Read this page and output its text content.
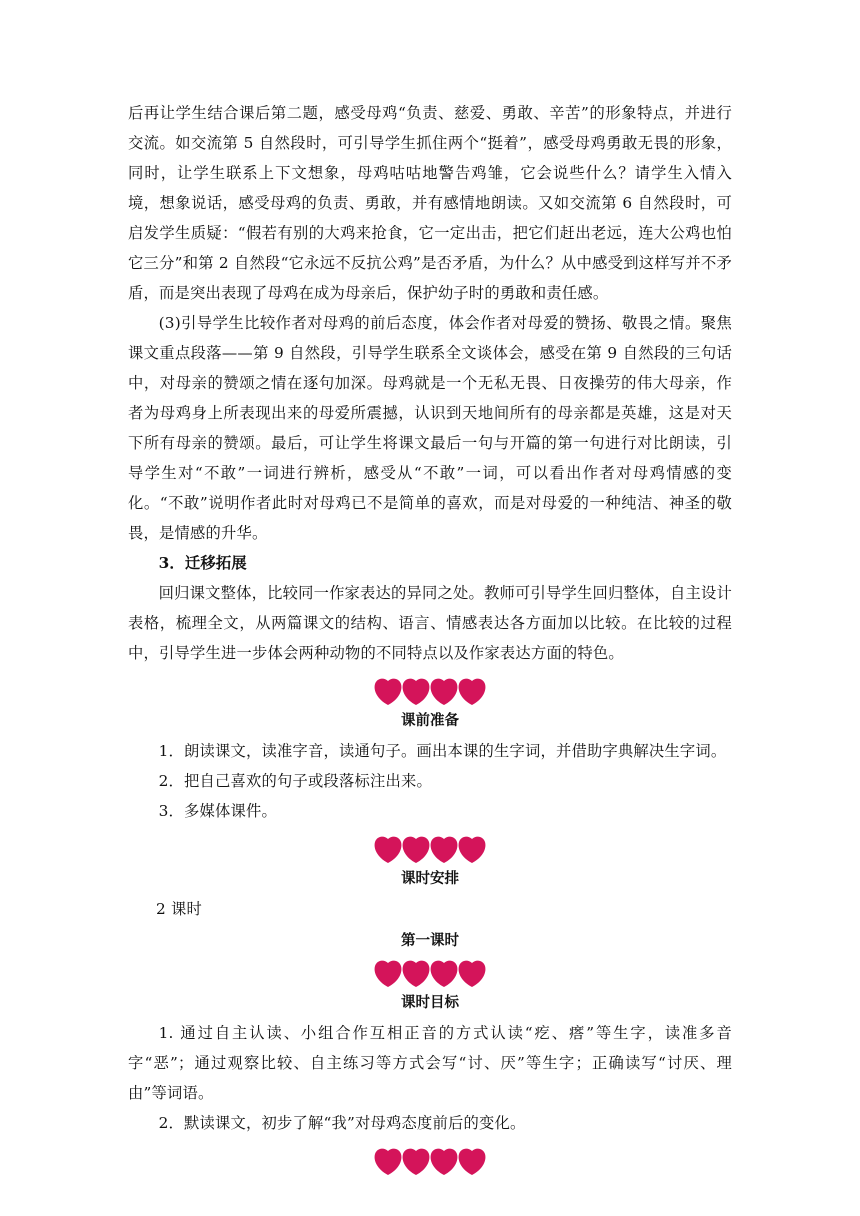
后再让学生结合课后第二题，感受母鸡“负责、慈爱、勇敢、辛苦”的形象特点，并进行交流。如交流第 5 自然段时，可引导学生抓住两个“挺着”，感受母鸡勇敢无畏的形象，同时，让学生联系上下文想象，母鸡咕咕地警告鸡雏，它会说些什么？请学生入情入境，想象说话，感受母鸡的负责、勇敢，并有感情地朗读。又如交流第 6 自然段时，可启发学生质疑：“假若有别的大鸡来抢食，它一定出击，把它们赶出老远，连大公鸡也怕它三分”和第 2 自然段“它永远不反抗公鸡”是否矛盾，为什么？从中感受到这样写并不矛盾，而是突出表现了母鸡在成为母亲后，保护幼子时的勇敢和责任感。

(3)引导学生比较作者对母鸡的前后态度，体会作者对母爱的赞扬、敬畏之情。聚焦课文重点段落——第 9 自然段，引导学生联系全文谈体会，感受在第 9 自然段的三句话中，对母亲的赞颂之情在逐句加深。母鸡就是一个无私无畏、日夜操劳的伟大母亲，作者为母鸡身上所表现出来的母爱所震撼，认识到天地间所有的母亲都是英雄，这是对天下所有母亲的赞颂。最后，可让学生将课文最后一句与开篇的第一句进行对比朗读，引导学生对“不敢”一词进行辨析，感受从“不敢”一词，可以看出作者对母鸡情感的变化。“不敢”说明作者此时对母鸡已不是简单的喜欢，而是对母爱的一种纯洁、神圣的敬畏，是情感的升华。

3．迁移拓展

回归课文整体，比较同一作家表达的异同之处。教师可引导学生回归整体，自主设计表格，梳理全文，从两篇课文的结构、语言、情感表达各方面加以比较。在比较的过程中，引导学生进一步体会两种动物的不同特点以及作家表达方面的特色。

课前准备

1．朗读课文，读准字音，读通句子。画出本课的生字词，并借助字典解决生字词。

2．把自己喜欢的句子或段落标注出来。

3．多媒体课件。

课时安排

2 课时

第一课时
课时目标

1. 通过自主认读、小组合作互相正音的方式认读“疙、瘩”等生字，读准多音字“恶”；通过观察比较、自主练习等方式会写“讨、厌”等生字；正确读写“讨厌、理由”等词语。

2．默读课文，初步了解“我”对母鸡态度前后的变化。
